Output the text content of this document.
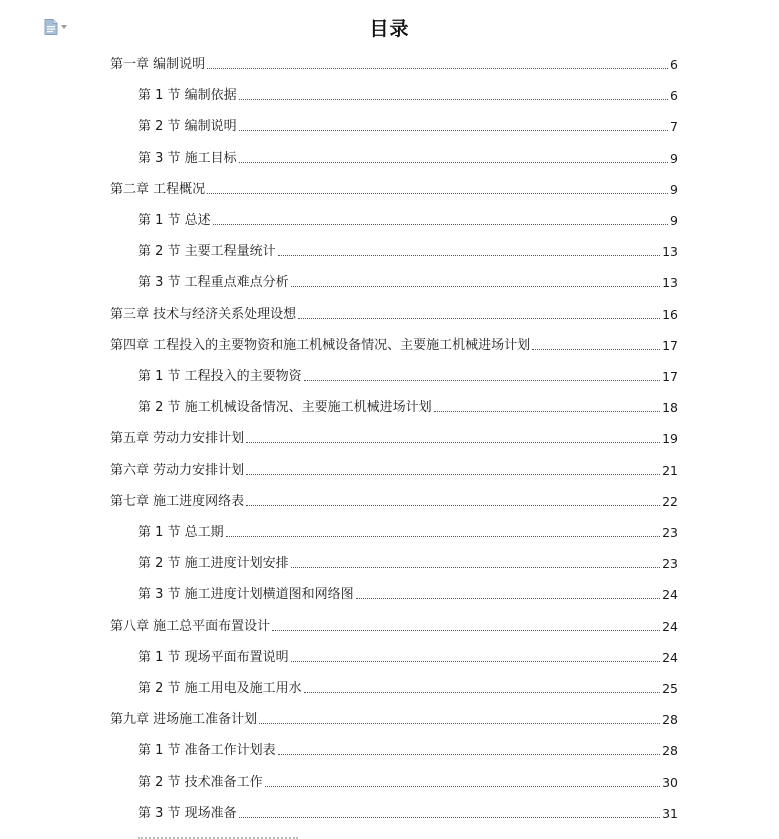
目录
第一章 编制说明	6
第 1 节 编制依据	6
第 2 节 编制说明	7
第 3 节 施工目标	9
第二章 工程概况	9
第 1 节 总述	9
第 2 节 主要工程量统计	13
第 3 节 工程重点难点分析	13
第三章 技术与经济关系处理设想	16
第四章 工程投入的主要物资和施工机械设备情况、主要施工机械进场计划	17
第 1 节 工程投入的主要物资	17
第 2 节 施工机械设备情况、主要施工机械进场计划	18
第五章 劳动力安排计划	19
第六章 劳动力安排计划	21
第七章 施工进度网络表	22
第 1 节 总工期	23
第 2 节 施工进度计划安排	23
第 3 节 施工进度计划横道图和网络图	24
第八章 施工总平面布置设计	24
第 1 节 现场平面布置说明	24
第 2 节 施工用电及施工用水	25
第九章 进场施工准备计划	28
第 1 节 准备工作计划表	28
第 2 节 技术准备工作	30
第 3 节 现场准备	31
